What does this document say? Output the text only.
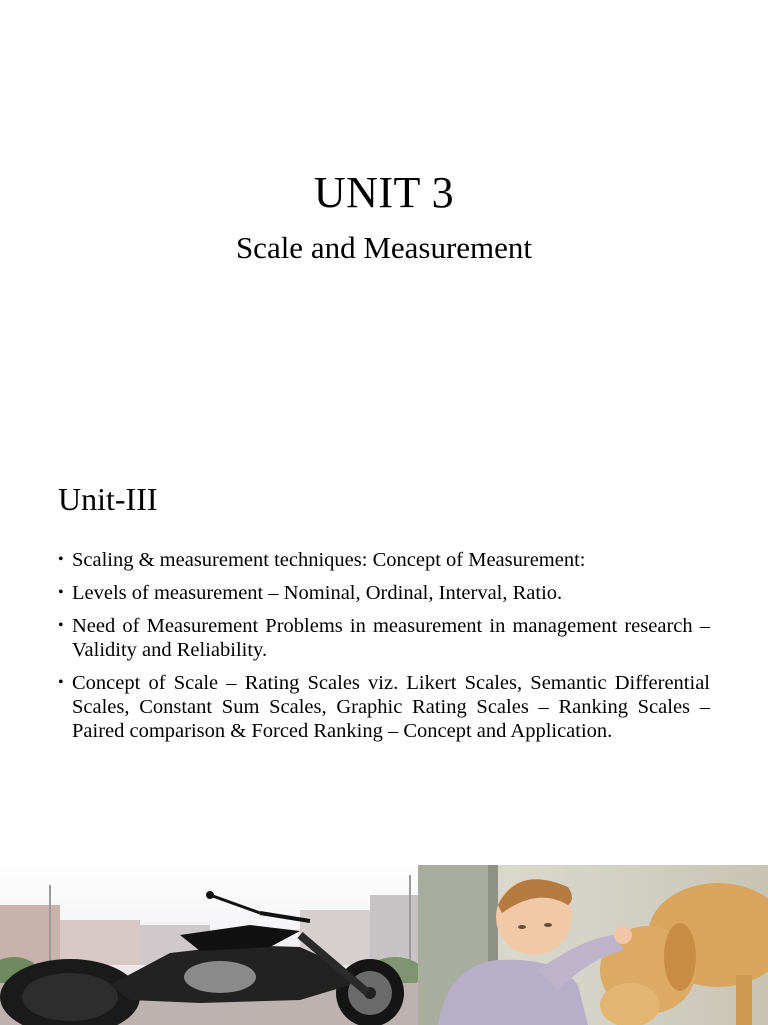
UNIT 3
Scale and Measurement
Unit-III
• Scaling & measurement techniques: Concept of Measurement:
• Levels of measurement – Nominal, Ordinal, Interval, Ratio.
• Need of Measurement Problems in measurement in management research – Validity and Reliability.
• Concept of Scale – Rating Scales viz. Likert Scales, Semantic Differential Scales, Constant Sum Scales, Graphic Rating Scales – Ranking Scales – Paired comparison & Forced Ranking – Concept and Application.
